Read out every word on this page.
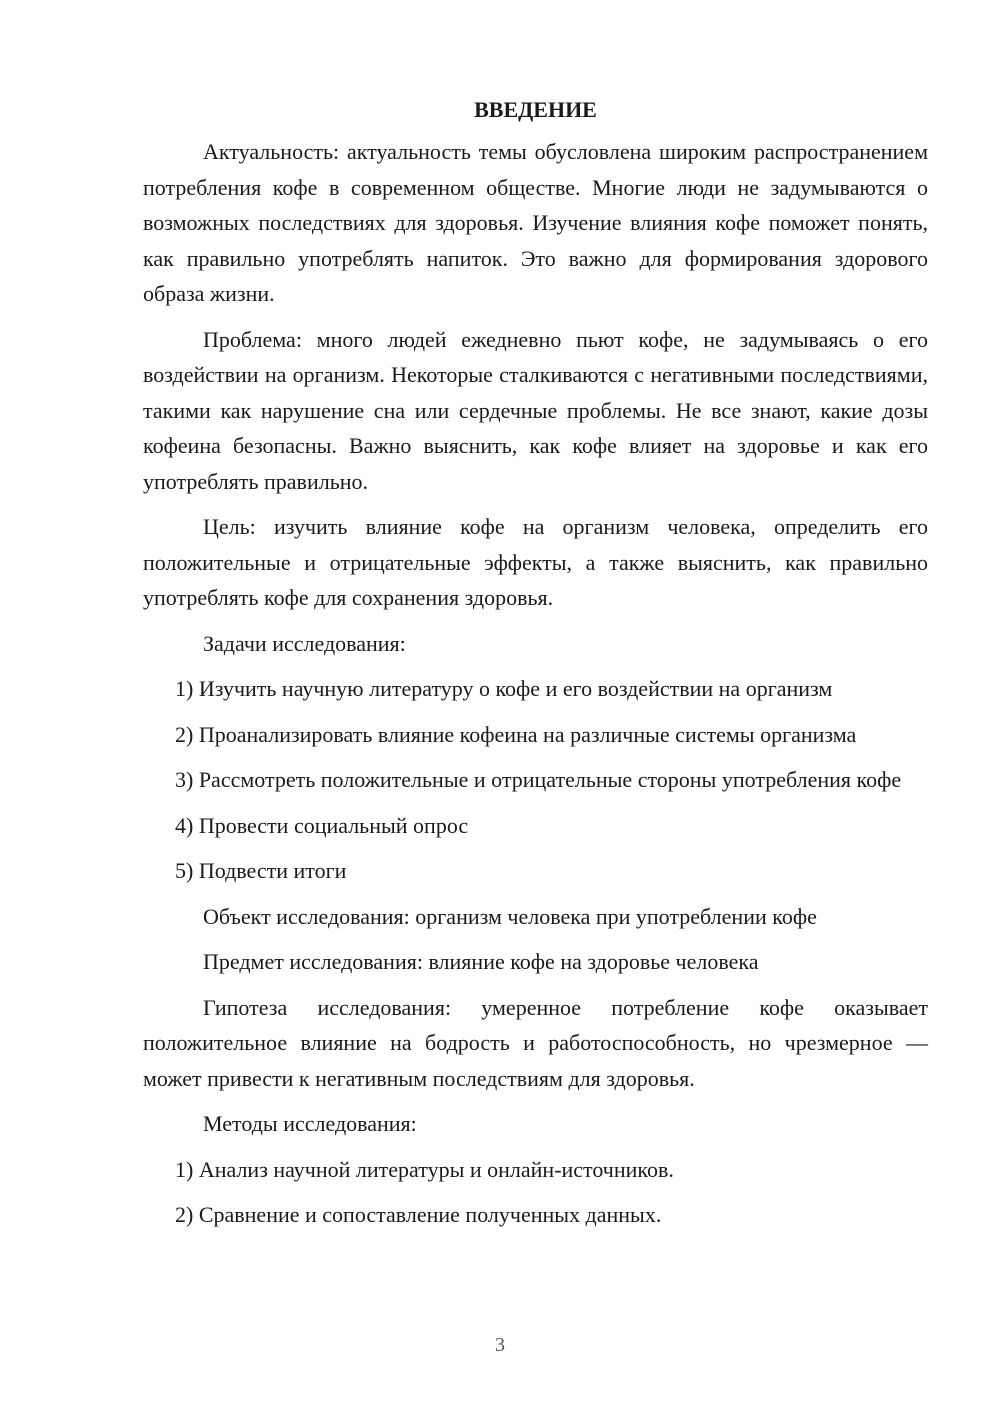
ВВЕДЕНИЕ

Актуальность: актуальность темы обусловлена широким распространением потребления кофе в современном обществе. Многие люди не задумываются о возможных последствиях для здоровья. Изучение влияния кофе поможет понять, как правильно употреблять напиток. Это важно для формирования здорового образа жизни.

Проблема: много людей ежедневно пьют кофе, не задумываясь о его воздействии на организм. Некоторые сталкиваются с негативными последствиями, такими как нарушение сна или сердечные проблемы. Не все знают, какие дозы кофеина безопасны. Важно выяснить, как кофе влияет на здоровье и как его употреблять правильно.

Цель: изучить влияние кофе на организм человека, определить его положительные и отрицательные эффекты, а также выяснить, как правильно употреблять кофе для сохранения здоровья.

Задачи исследования:

1) Изучить научную литературу о кофе и его воздействии на организм

2) Проанализировать влияние кофеина на различные системы организма

3) Рассмотреть положительные и отрицательные стороны употребления кофе

4) Провести социальный опрос

5) Подвести итоги

Объект исследования: организм человека при употреблении кофе

Предмет исследования: влияние кофе на здоровье человека

Гипотеза исследования: умеренное потребление кофе оказывает положительное влияние на бодрость и работоспособность, но чрезмерное — может привести к негативным последствиям для здоровья.

Методы исследования:

1) Анализ научной литературы и онлайн-источников.

2) Сравнение и сопоставление полученных данных.

3
